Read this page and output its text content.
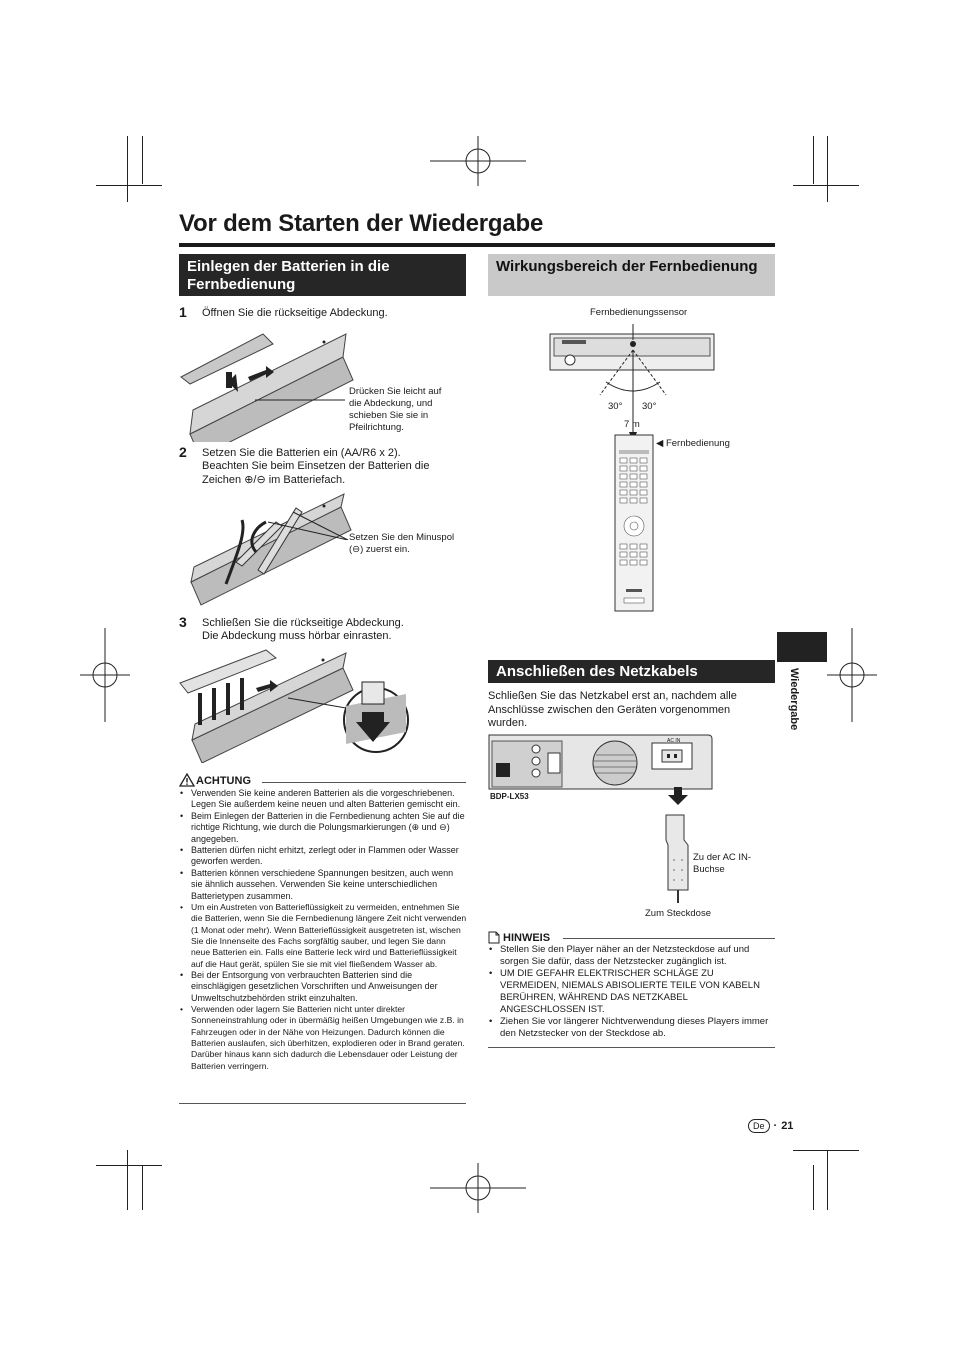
Vor dem Starten der Wiedergabe
Wiedergabe
Einlegen der Batterien in die Fernbedienung
1 Öffnen Sie die rückseitige Abdeckung.
Drücken Sie leicht auf die Abdeckung, und schieben Sie sie in Pfeilrichtung.
2 Setzen Sie die Batterien ein (AA/R6 x 2).
Beachten Sie beim Einsetzen der Batterien die Zeichen ⊕/⊖ im Batteriefach.
Setzen Sie den Minuspol (⊖) zuerst ein.
3 Schließen Sie die rückseitige Abdeckung.
Die Abdeckung muss hörbar einrasten.
ACHTUNG
• Verwenden Sie keine anderen Batterien als die vorgeschriebenen. Legen Sie außerdem keine neuen und alten Batterien gemischt ein.
• Beim Einlegen der Batterien in die Fernbedienung achten Sie auf die richtige Richtung, wie durch die Polungsmarkierungen (⊕ und ⊖) angegeben.
• Batterien dürfen nicht erhitzt, zerlegt oder in Flammen oder Wasser geworfen werden.
• Batterien können verschiedene Spannungen besitzen, auch wenn sie ähnlich aussehen. Verwenden Sie keine unterschiedlichen Batterietypen zusammen.
• Um ein Austreten von Batterieflüssigkeit zu vermeiden, entnehmen Sie die Batterien, wenn Sie die Fernbedienung längere Zeit nicht verwenden (1 Monat oder mehr). Wenn Batterieflüssigkeit ausgetreten ist, wischen Sie die Innenseite des Fachs sorgfältig sauber, und legen Sie dann neue Batterien ein. Falls eine Batterie leck wird und Batterieflüssigkeit auf die Haut gerät, spülen Sie sie mit viel fließendem Wasser ab.
• Bei der Entsorgung von verbrauchten Batterien sind die einschlägigen gesetzlichen Vorschriften und Anweisungen der Umweltschutzbehörden strikt einzuhalten.
• Verwenden oder lagern Sie Batterien nicht unter direkter Sonneneinstrahlung oder in übermäßig heißen Umgebungen wie z.B. in Fahrzeugen oder in der Nähe von Heizungen. Dadurch können die Batterien auslaufen, sich überhitzen, explodieren oder in Brand geraten. Darüber hinaus kann sich dadurch die Lebensdauer oder Leistung der Batterien verringern.
Wirkungsbereich der Fernbedienung
Fernbedienungssensor
30° 30°
7 m
◀ Fernbedienung
Anschließen des Netzkabels
Schließen Sie das Netzkabel erst an, nachdem alle Anschlüsse zwischen den Geräten vorgenommen wurden.
AC IN
BDP-LX53
Zu der AC IN-Buchse
Zum Steckdose
HINWEIS
• Stellen Sie den Player näher an der Netzsteckdose auf und sorgen Sie dafür, dass der Netzstecker zugänglich ist.
• UM DIE GEFAHR ELEKTRISCHER SCHLÄGE ZU VERMEIDEN, NIEMALS ABISOLIERTE TEILE VON KABELN BERÜHREN, WÄHREND DAS NETZKABEL ANGESCHLOSSEN IST.
• Ziehen Sie vor längerer Nichtverwendung dieses Players immer den Netzstecker von der Steckdose ab.
De · 21
